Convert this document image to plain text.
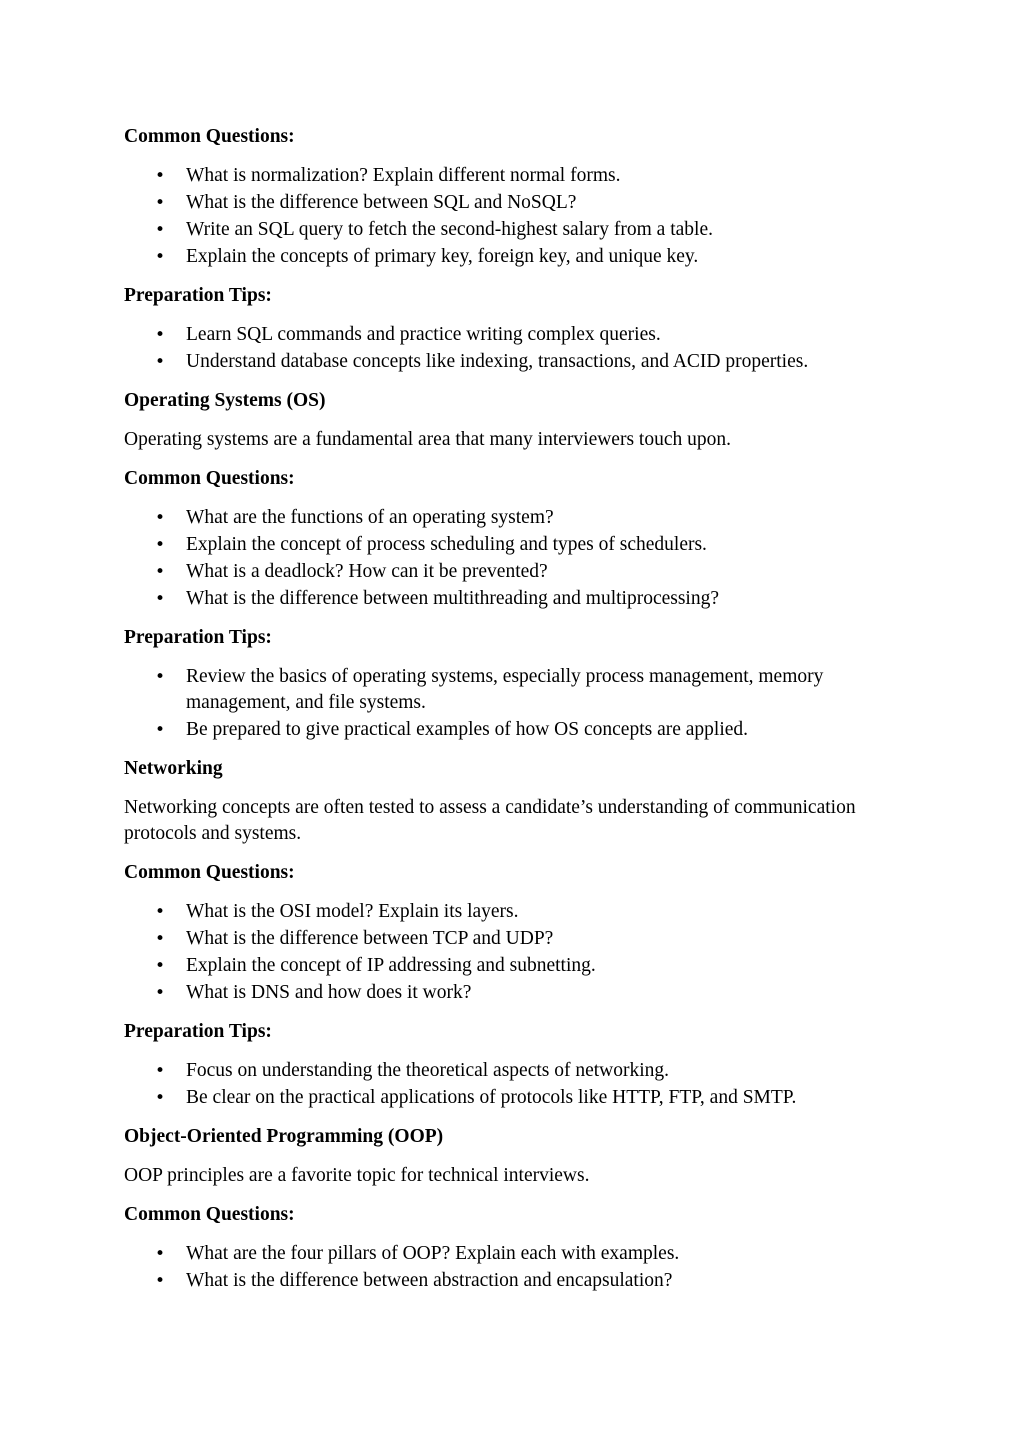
Common Questions:
• What is normalization? Explain different normal forms.
• What is the difference between SQL and NoSQL?
• Write an SQL query to fetch the second-highest salary from a table.
• Explain the concepts of primary key, foreign key, and unique key.
Preparation Tips:
• Learn SQL commands and practice writing complex queries.
• Understand database concepts like indexing, transactions, and ACID properties.
Operating Systems (OS)
Operating systems are a fundamental area that many interviewers touch upon.
Common Questions:
• What are the functions of an operating system?
• Explain the concept of process scheduling and types of schedulers.
• What is a deadlock? How can it be prevented?
• What is the difference between multithreading and multiprocessing?
Preparation Tips:
• Review the basics of operating systems, especially process management, memory management, and file systems.
• Be prepared to give practical examples of how OS concepts are applied.
Networking
Networking concepts are often tested to assess a candidate’s understanding of communication protocols and systems.
Common Questions:
• What is the OSI model? Explain its layers.
• What is the difference between TCP and UDP?
• Explain the concept of IP addressing and subnetting.
• What is DNS and how does it work?
Preparation Tips:
• Focus on understanding the theoretical aspects of networking.
• Be clear on the practical applications of protocols like HTTP, FTP, and SMTP.
Object-Oriented Programming (OOP)
OOP principles are a favorite topic for technical interviews.
Common Questions:
• What are the four pillars of OOP? Explain each with examples.
• What is the difference between abstraction and encapsulation?
